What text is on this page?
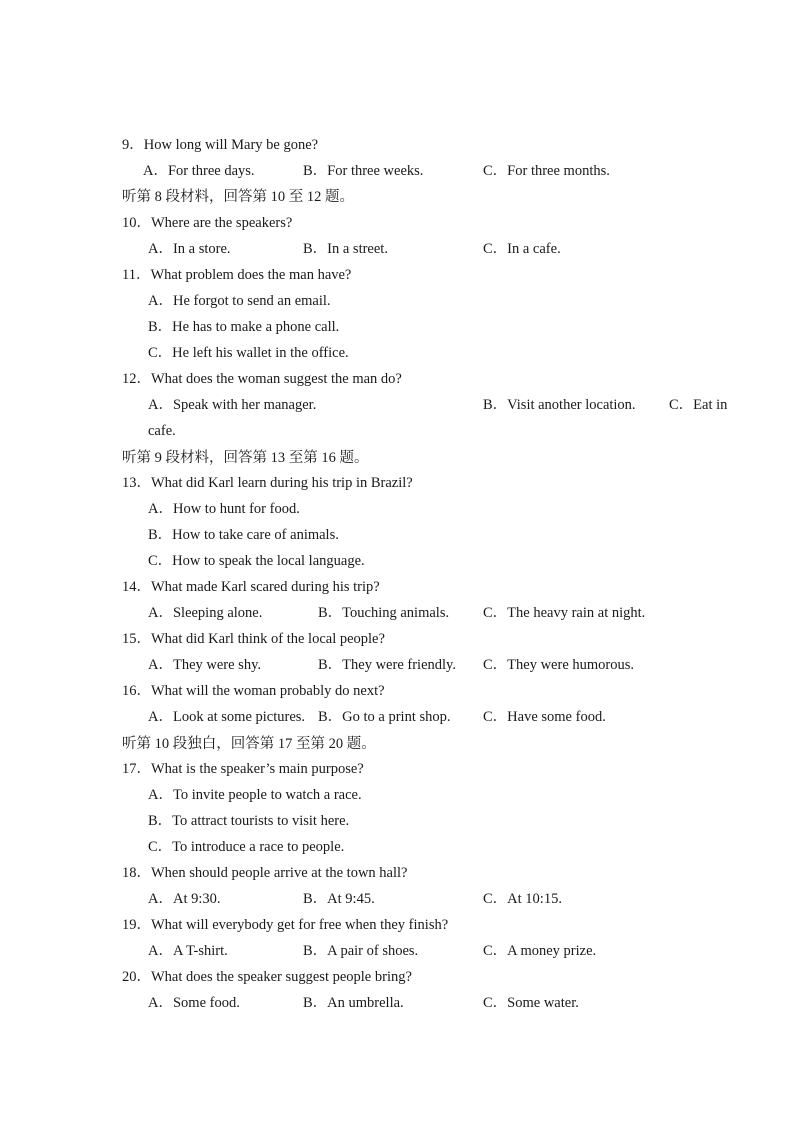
9．How long will Mary be gone?
A．For three days.	B．For three weeks.	C．For three months.
听第 8 段材料，回答第 10 至 12 题。
10．Where are the speakers?
A．In a store.	B．In a street.	C．In a cafe.
11．What problem does the man have?
A．He forgot to send an email.
B．He has to make a phone call.
C．He left his wallet in the office.
12．What does the woman suggest the man do?
A．Speak with her manager.	B．Visit another location. C．Eat in
cafe.
听第 9 段材料，回答第 13 至第 16 题。
13．What did Karl learn during his trip in Brazil?
A．How to hunt for food.
B．How to take care of animals.
C．How to speak the local language.
14．What made Karl scared during his trip?
A．Sleeping alone.	B．Touching animals. C．The heavy rain at night.
15．What did Karl think of the local people?
A．They were shy.	B．They were friendly. C．They were humorous.
16．What will the woman probably do next?
A．Look at some pictures. B．Go to a print shop. C．Have some food.
听第 10 段独白，回答第 17 至第 20 题。
17．What is the speaker’s main purpose?
A．To invite people to watch a race.
B．To attract tourists to visit here.
C．To introduce a race to people.
18．When should people arrive at the town hall?
A．At 9:30.	B．At 9:45.	C．At 10:15.
19．What will everybody get for free when they finish?
A．A T-shirt.	B．A pair of shoes.	C．A money prize.
20．What does the speaker suggest people bring?
A．Some food.	B．An umbrella.	C．Some water.
